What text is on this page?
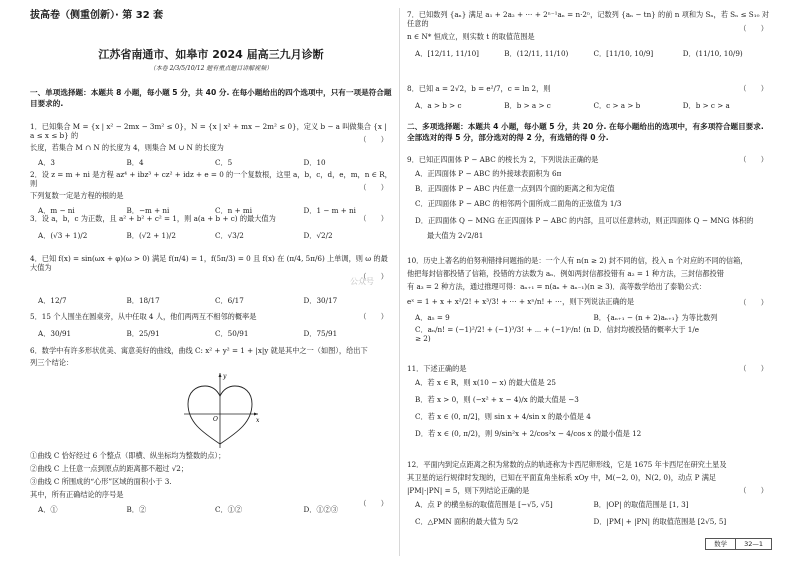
拔高卷（侧重创新）· 第 32 套
江苏省南通市、如皋市 2024 届高三九月诊断
（本卷 2/3/5/10/12 题有重点题目讲解视频）
一、单项选择题：本题共 8 小题，每小题 5 分，共 40 分. 在每小题给出的四个选项中，只有一项是符合题目要求的.

1．已知集合 M = {x | x² − 2mx − 3m² ≤ 0}，N = {x | x² + mx − 2m² ≤ 0}，定义 b − a 叫做集合 {x | a ≤ x ≤ b} 的

长度，若集合 M ∩ N 的长度为 4，则集合 M ∪ N 的长度为

（　　）
A．3	B．4	C．5	D．10

2．设 z = m + ni 是方程 az⁴ + ibz³ + cz² + idz + e = 0 的一个复数根，这里 a，b，c，d，e，m，n ∈ R，则

下列复数一定是方程的根的是

（　　）
A．m − ni	B．−m + ni	C．n + mi	D．1 − m + ni

3．设 a，b，c 为正数，且 a² + b² + c² = 1，则 a(a + b + c) 的最大值为	（　　）
A．(√3 + 1)/2	B．(√2 + 1)/2	C．√3/2	D．√2/2

4．已知 f(x) = sin(ωx + φ)(ω > 0) 满足 f(π/4) = 1，f(5π/3) = 0 且 f(x) 在 (π/4, 5π/6) 上单调，则 ω 的最大值为

（　　）
A．12/7	B．18/17	C．6/17	D．30/17

5．15 个人围坐在圆桌旁，从中任取 4 人，他们两两互不相邻的概率是	（　　）
A．30/91	B．25/91	C．50/91	D．75/91

6．数学中有许多形状优美、寓意美好的曲线，曲线 C: x² + y² = 1 + |x|y 就是其中之一（如图），给出下

列三个结论：

x
y
O

①曲线 C 恰好经过 6 个整点（即横、纵坐标均为整数的点）；

②曲线 C 上任意一点到原点的距离都不超过 √2；

③曲线 C 所围成的“心形”区域的面积小于 3.

其中，所有正确结论的序号是

（　　）
A．①	B．②	C．①②	D．①②③

7．已知数列 {aₙ} 满足 a₁ + 2a₂ + ⋯ + 2ⁿ⁻¹aₙ = n·2ⁿ，记数列 {aₙ − tn} 的前 n 项和为 Sₙ，若 Sₙ ≤ S₁₀ 对任意的

n ∈ N* 恒成立，则实数 t 的取值范围是

（　　）
A．[12/11, 11/10]	B．(12/11, 11/10)	C．[11/10, 10/9]	D．(11/10, 10/9)

8．已知 a = 2√2，b = e²/7，c = ln 2，则	（　　）
A．a > b > c	B．b > a > c	C．c > a > b	D．b > c > a
二、多项选择题：本题共 4 小题，每小题 5 分，共 20 分. 在每小题给出的选项中，有多项符合题目要求. 全部选对的得 5 分，部分选对的得 2 分，有选错的得 0 分.

9．已知正四面体 P − ABC 的棱长为 2，下列说法正确的是	（　　）

A．正四面体 P − ABC 的外接球表面积为 6π

B．正四面体 P − ABC 内任意一点到四个面的距离之和为定值

C．正四面体 P − ABC 的相邻两个面所成二面角的正弦值为 1/3

D．正四面体 Q − MNG 在正四面体 P − ABC 的内部，且可以任意转动，则正四面体 Q − MNG 体积的

最大值为 2√2/81

10．历史上著名的伯努利错排问题指的是：一个人有 n(n ≥ 2) 封不同的信，投入 n 个对应的不同的信箱，

他把每封信都投错了信箱，投错的方法数为 aₙ．例如两封信都投错有 a₂ = 1 种方法，三封信都投错

有 a₃ = 2 种方法，通过推理可得：aₙ₊₁ = n(aₙ + aₙ₋₁)(n ≥ 3)．高等数学给出了泰勒公式：

eˣ = 1 + x + x²/2! + x³/3! + ⋯ + xⁿ/n! + ⋯，则下列说法正确的是	（　　）
A．a₅ = 9	B．{aₙ₊₁ − (n + 2)aₙ₊₁} 为等比数列
C．aₙ/n! = (−1)²/2! + (−1)³/3! + ⋯ + (−1)ⁿ/n! (n ≥ 2)
D．信封均被投错的概率大于 1/e
公众号

11．下述正确的是	（　　）

A．若 x ∈ R，则 x(10 − x) 的最大值是 25

B．若 x > 0，则 (−x² + x − 4)/x 的最大值是 −3

C．若 x ∈ (0, π/2]，则 sin x + 4/sin x 的最小值是 4

D．若 x ∈ (0, π/2)，则 9/sin²x + 2/cos²x − 4/cos x 的最小值是 12

12．平面内到定点距离之积为常数的点的轨迹称为卡西尼卵形线，它是 1675 年卡西尼在研究土星及

其卫星的运行规律时发现的，已知在平面直角坐标系 xOy 中，M(−2, 0)，N(2, 0)，动点 P 满足

|PM|·|PN| = 5，则下列结论正确的是	（　　）
A．点 P 的横坐标的取值范围是 [−√5, √5]	B．|OP| 的取值范围是 [1, 3]
C．△PMN 面积的最大值为 5/2	D．|PM| + |PN| 的取值范围是 [2√5, 5]
数学	32—1
